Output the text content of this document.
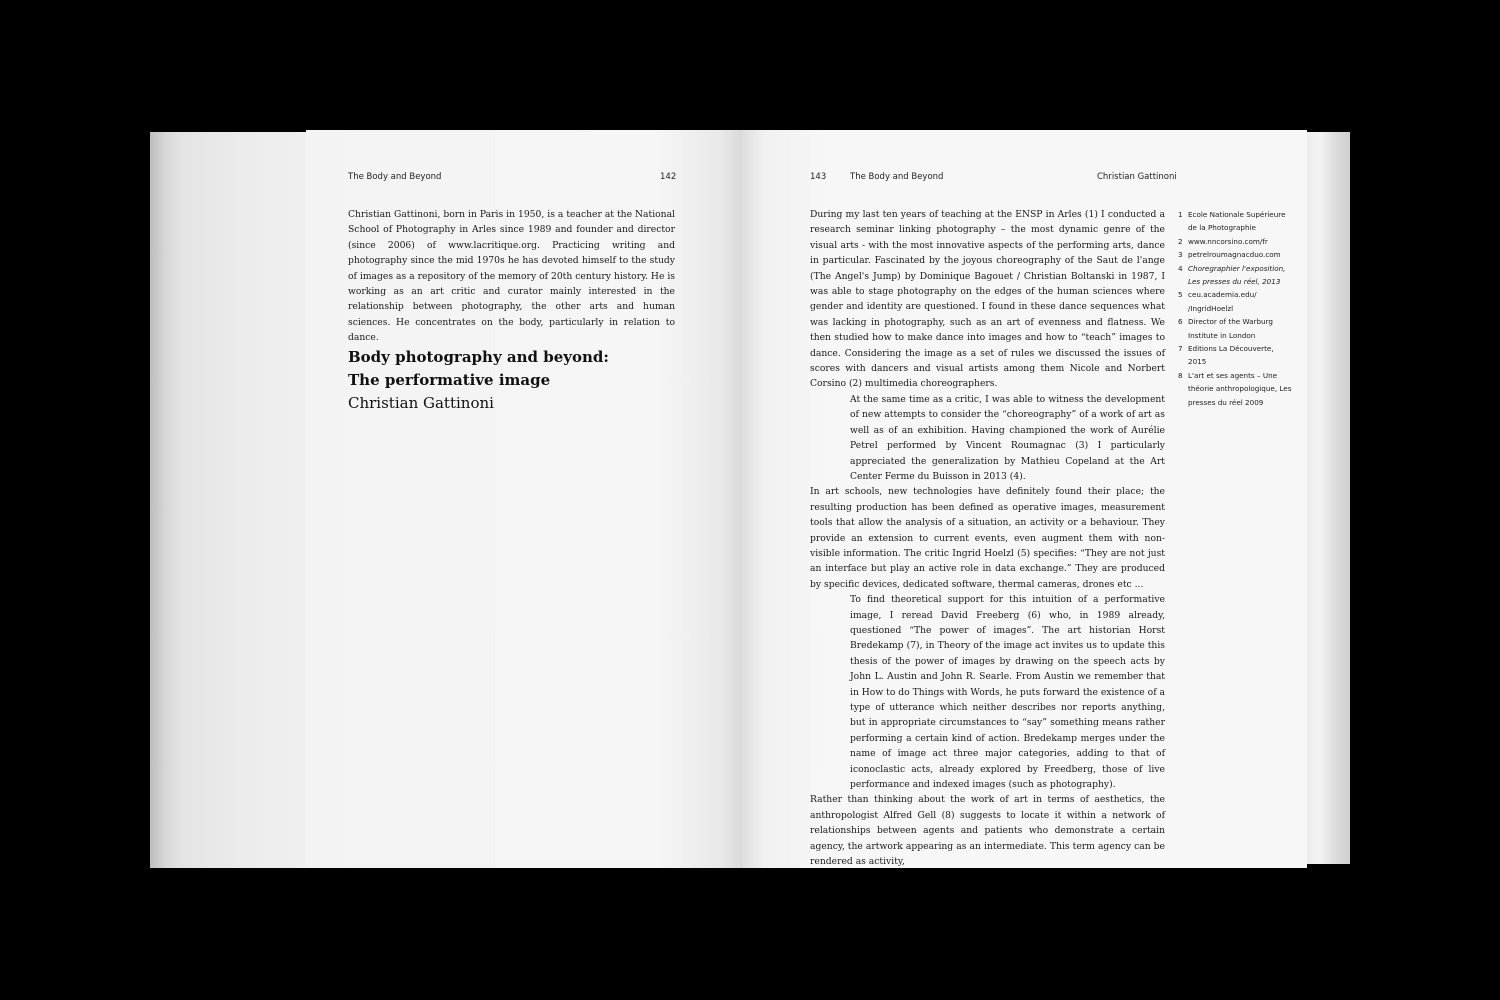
The Body and Beyond	142

Christian Gattinoni, born in Paris in 1950, is a teacher at the National School of Photography in Arles since 1989 and founder and director (since 2006) of www.lacritique.org. Practicing writing and photography since the mid 1970s he has devoted himself to the study of images as a repository of the memory of 20th century history. He is working as an art critic and curator mainly interested in the relationship between photography, the other arts and human sciences. He concentrates on the body, particularly in relation to dance.

Body photography and beyond:
The performative image
Christian Gattinoni
143	The Body and Beyond	Christian Gattinoni

During my last ten years of teaching at the ENSP in Arles (1) I conducted a research seminar linking photography – the most dynamic genre of the visual arts - with the most innovative aspects of the performing arts, dance in particular. Fascinated by the joyous choreography of the Saut de l'ange (The Angel's Jump) by Dominique Bagouet / Christian Boltanski in 1987, I was able to stage photography on the edges of the human sciences where gender and identity are questioned. I found in these dance sequences what was lacking in photography, such as an art of evenness and flatness. We then studied how to make dance into images and how to “teach” images to dance. Considering the image as a set of rules we discussed the issues of scores with dancers and visual artists among them Nicole and Norbert Corsino (2) multimedia choreographers.

At the same time as a critic, I was able to witness the development of new attempts to consider the “choreography” of a work of art as well as of an exhibition. Having championed the work of Aurélie Petrel performed by Vincent Roumagnac (3) I particularly appreciated the generalization by Mathieu Copeland at the Art Center Ferme du Buisson in 2013 (4).

In art schools, new technologies have definitely found their place; the resulting production has been defined as operative images, measurement tools that allow the analysis of a situation, an activity or a behaviour. They provide an extension to current events, even augment them with non-visible information. The critic Ingrid Hoelzl (5) specifies: “They are not just an interface but play an active role in data exchange.” They are produced by specific devices, dedicated software, thermal cameras, drones etc ...

To find theoretical support for this intuition of a performative image, I reread David Freeberg (6) who, in 1989 already, questioned “The power of images”. The art historian Horst Bredekamp (7), in Theory of the image act invites us to update this thesis of the power of images by drawing on the speech acts by John L. Austin and John R. Searle. From Austin we remember that in How to do Things with Words, he puts forward the existence of a type of utterance which neither describes nor reports anything, but in appropriate circumstances to “say” something means rather performing a certain kind of action. Bredekamp merges under the name of image act three major categories, adding to that of iconoclastic acts, already explored by Freedberg, those of live performance and indexed images (such as photography).

Rather than thinking about the work of art in terms of aesthetics, the anthropologist Alfred Gell (8) suggests to locate it within a network of relationships between agents and patients who demonstrate a certain agency, the artwork appearing as an intermediate. This term agency can be rendered as activity,

1 Ecole Nationale Supérieure de la Photographie
2 www.nncorsino.com/fr
3 petrelroumagnacduo.com
4 Choregraphier l'exposition, Les presses du réel, 2013
5 ceu.academia.edu/ /IngridHoelzl
6 Director of the Warburg Institute in London
7 Editions La Découverte, 2015
8 L'art et ses agents – Une théorie anthropologique, Les presses du réel 2009
